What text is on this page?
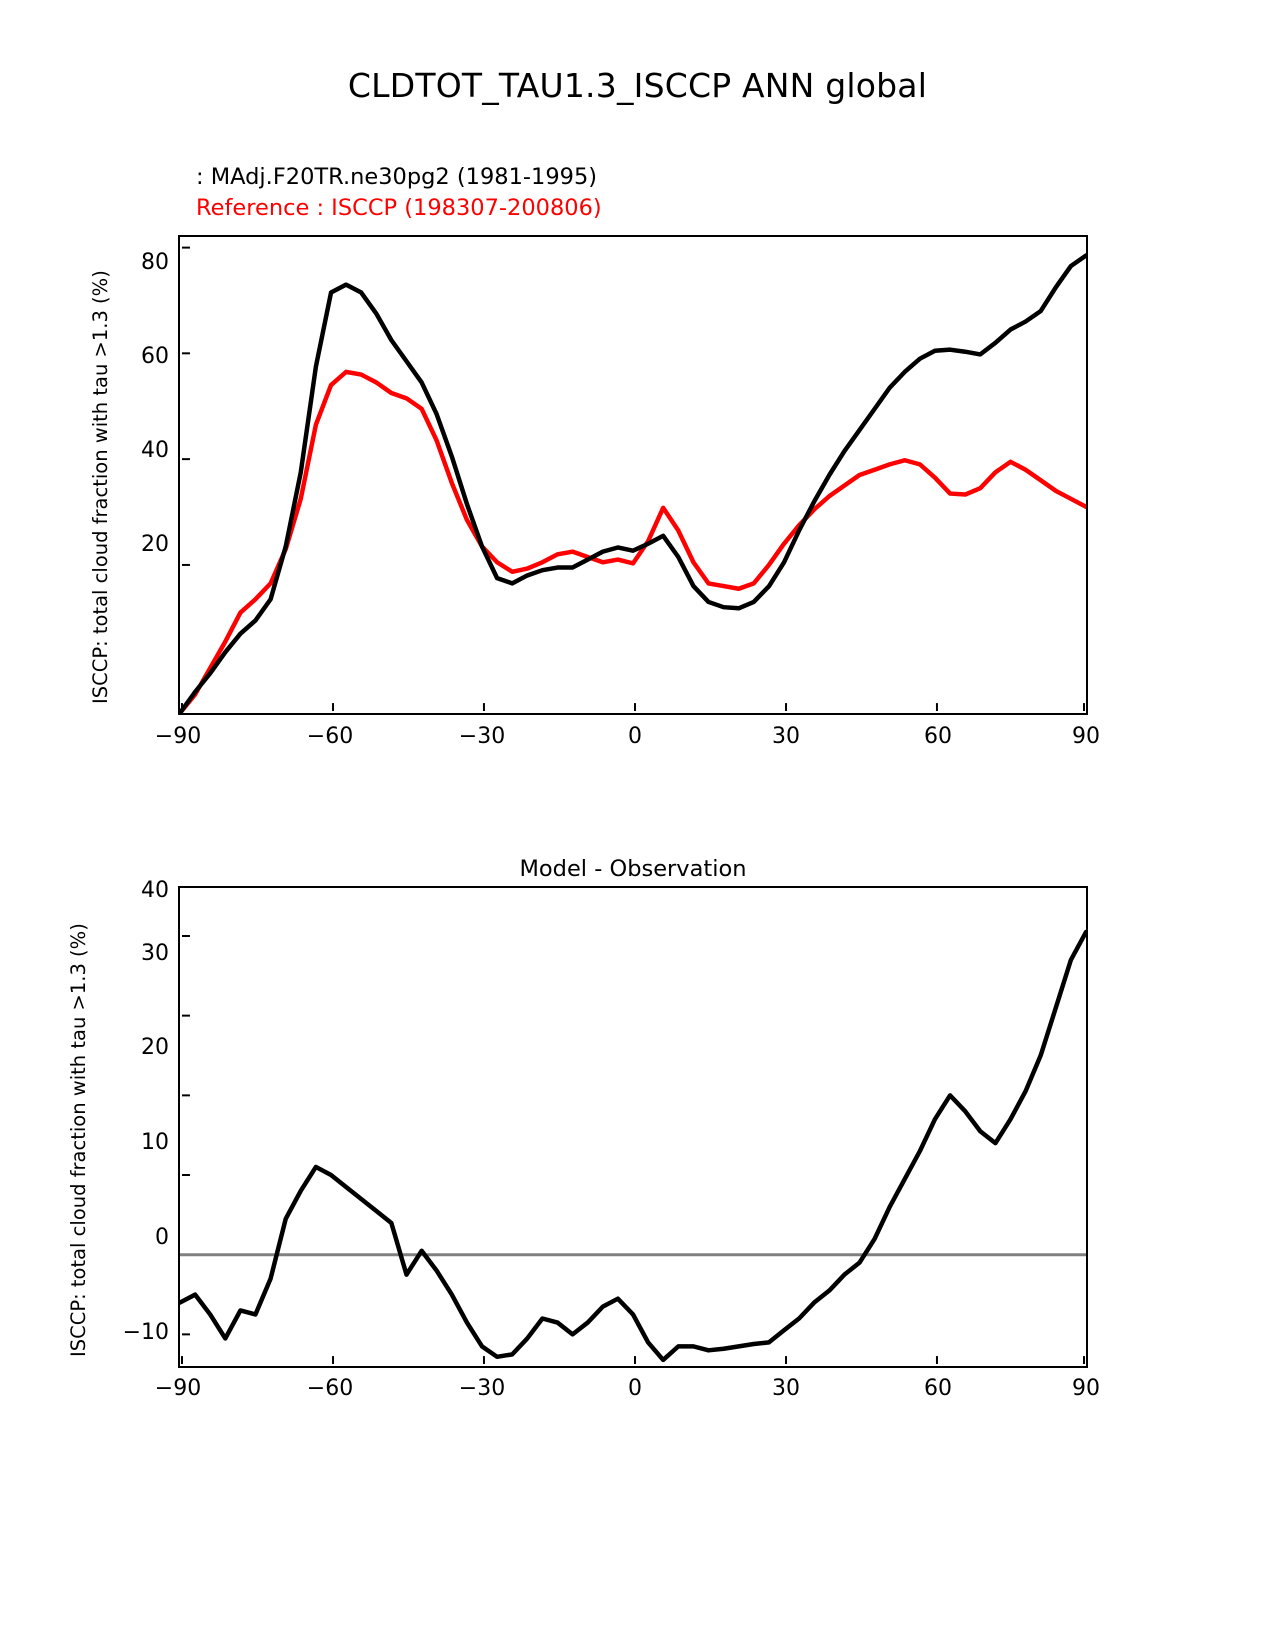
CLDTOT_TAU1.3_ISCCP ANN global
: MAdj.F20TR.ne30pg2 (1981-1995)
Reference : ISCCP (198307-200806)
ISCCP: total cloud fraction with tau >1.3 (%) 20
40
60
80
−90	−60	−30	0	30	60	90
Model - Observation
ISCCP: total cloud fraction with tau >1.3 (%) −10
0
10
20
30
40
−90	−60	−30	0	30	60	90
